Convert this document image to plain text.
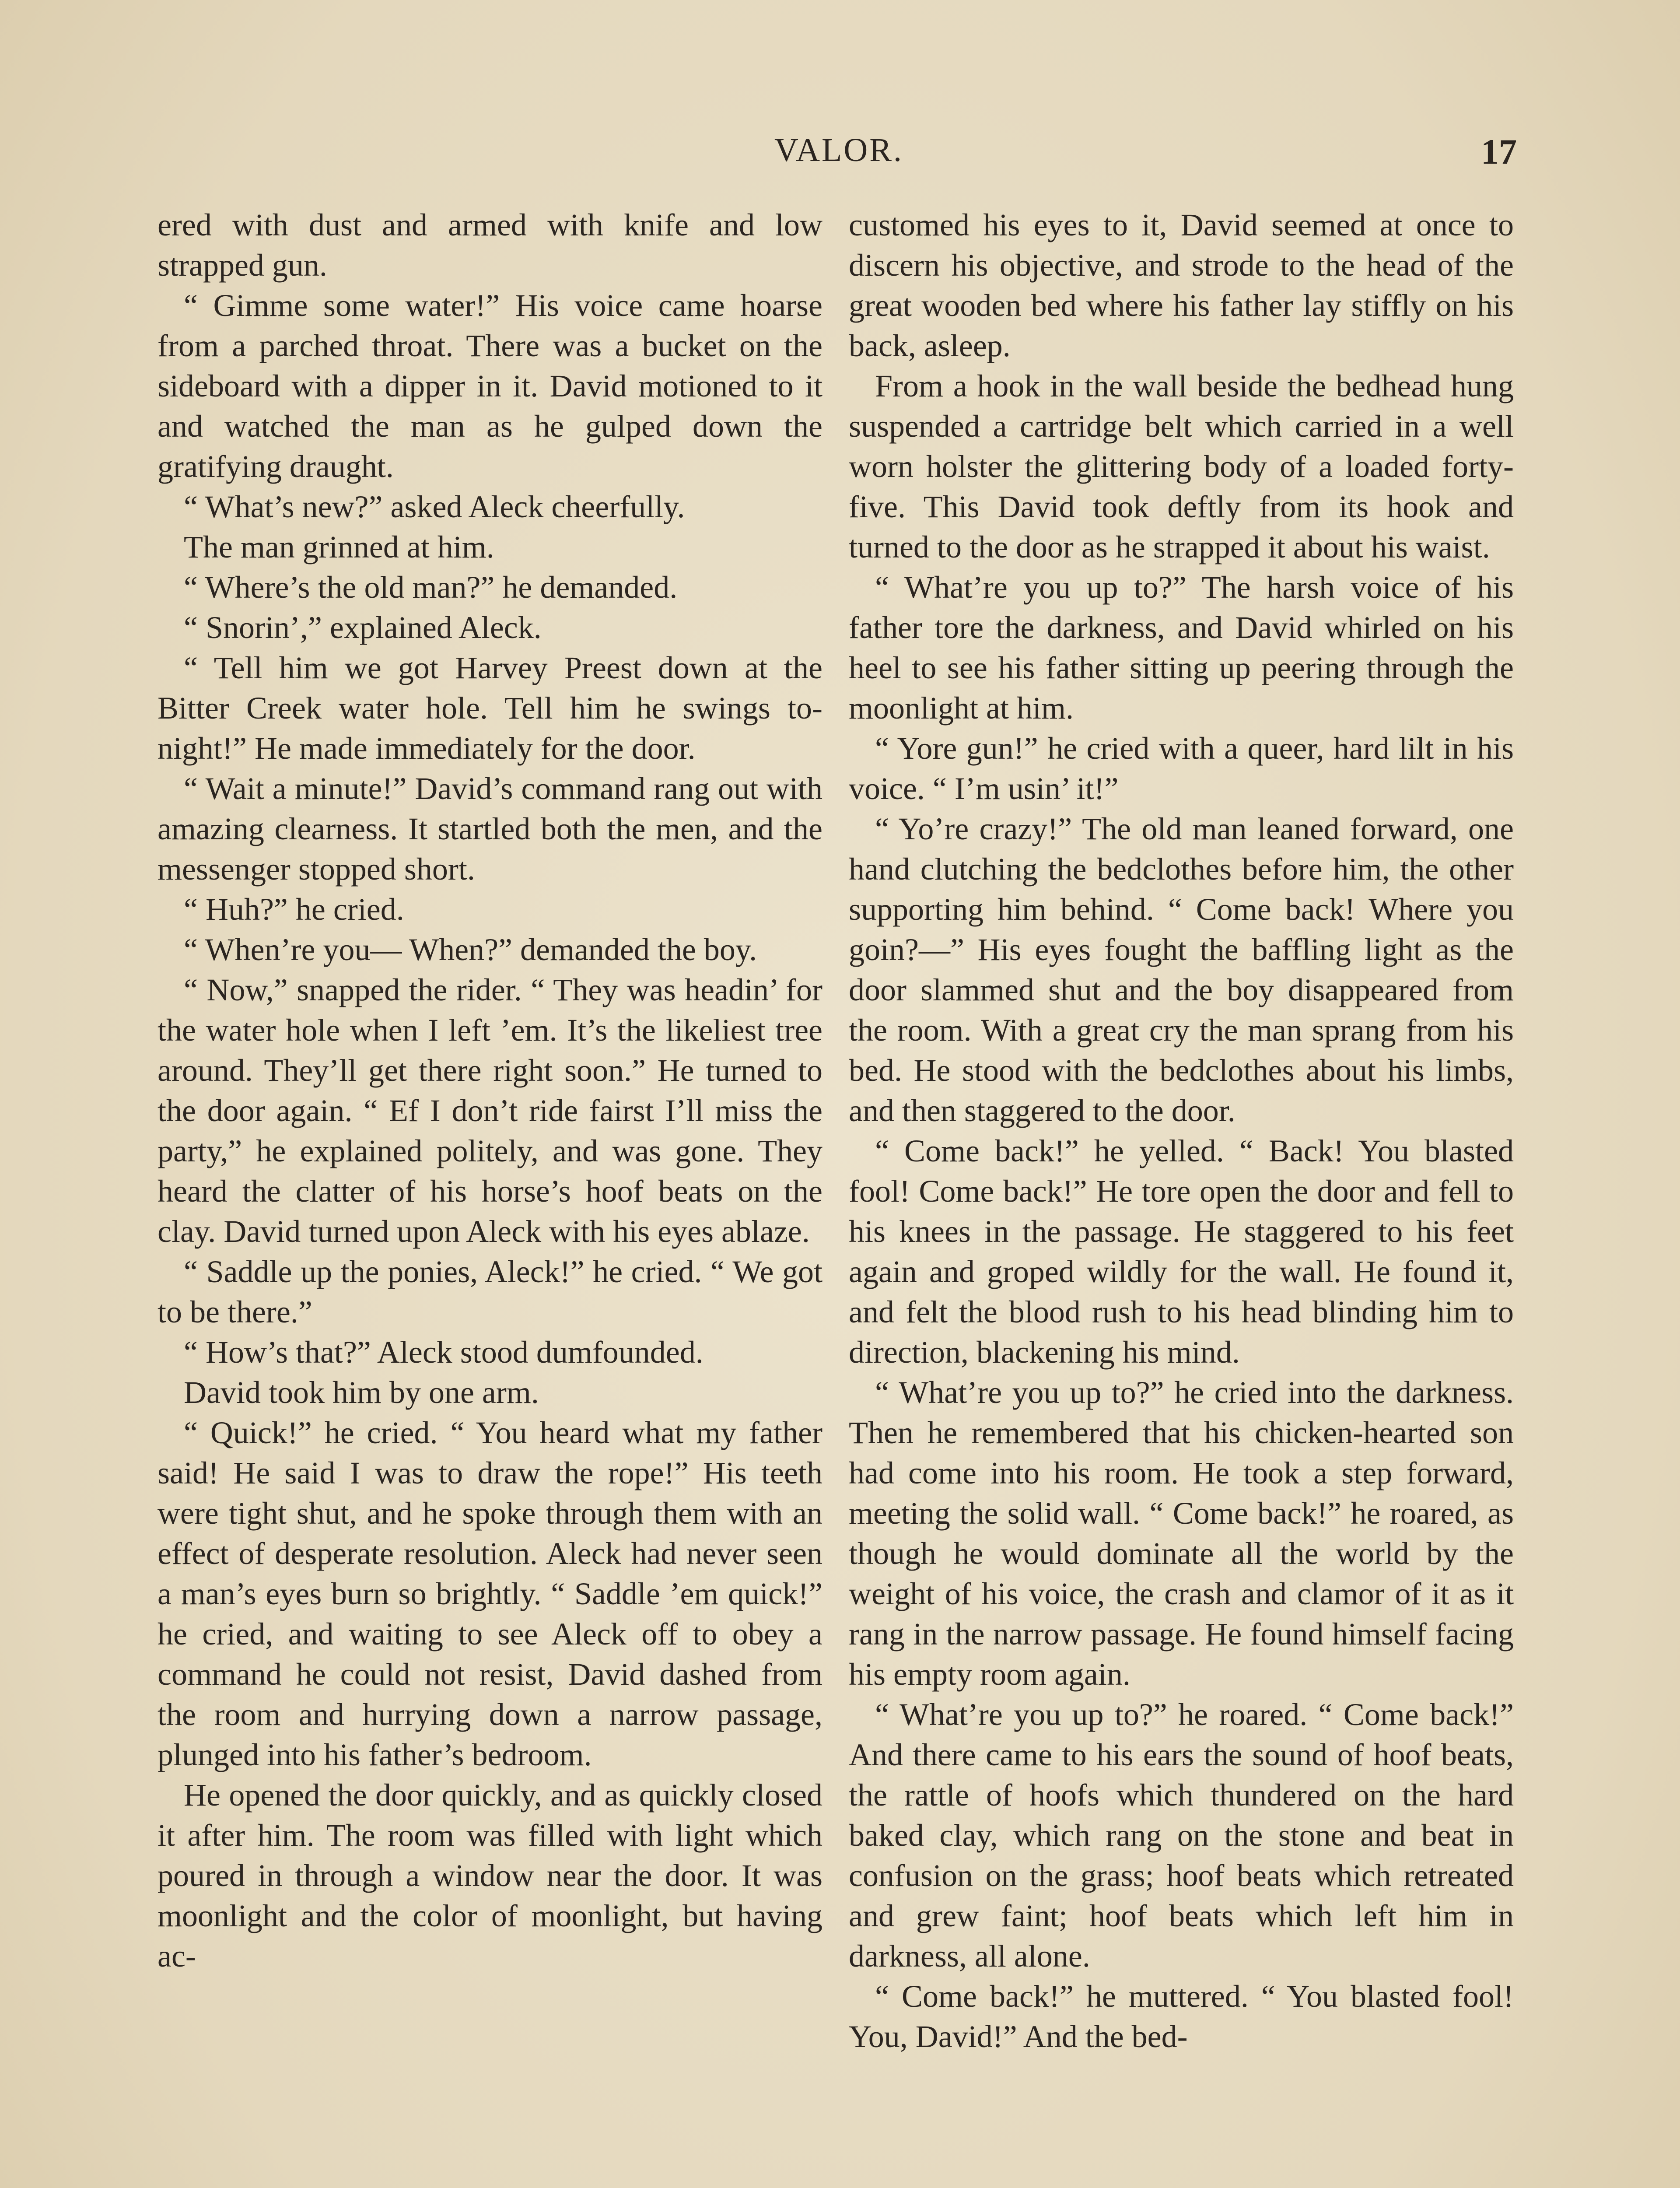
VALOR.	17

ered with dust and armed with knife and low strapped gun.

“ Gimme some water!” His voice came hoarse from a parched throat. There was a bucket on the sideboard with a dipper in it. David motioned to it and watched the man as he gulped down the gratifying draught.

“ What’s new?” asked Aleck cheerfully.

The man grinned at him.

“ Where’s the old man?” he demanded.

“ Snorin’,” explained Aleck.

“ Tell him we got Harvey Preest down at the Bitter Creek water hole. Tell him he swings to-night!” He made immediately for the door.

“ Wait a minute!” David’s command rang out with amazing clearness. It startled both the men, and the messenger stopped short.

“ Huh?” he cried.

“ When’re you— When?” demanded the boy.

“ Now,” snapped the rider. “ They was headin’ for the water hole when I left ’em. It’s the likeliest tree around. They’ll get there right soon.” He turned to the door again. “ Ef I don’t ride fairst I’ll miss the party,” he explained politely, and was gone. They heard the clatter of his horse’s hoof beats on the clay. David turned upon Aleck with his eyes ablaze.

“ Saddle up the ponies, Aleck!” he cried. “ We got to be there.”

“ How’s that?” Aleck stood dumfounded.

David took him by one arm.

“ Quick!” he cried. “ You heard what my father said! He said I was to draw the rope!” His teeth were tight shut, and he spoke through them with an effect of desperate resolution. Aleck had never seen a man’s eyes burn so brightly. “ Saddle ’em quick!” he cried, and waiting to see Aleck off to obey a command he could not resist, David dashed from the room and hurrying down a narrow passage, plunged into his father’s bedroom.

He opened the door quickly, and as quickly closed it after him. The room was filled with light which poured in through a window near the door. It was moonlight and the color of moonlight, but having ac-

customed his eyes to it, David seemed at once to discern his objective, and strode to the head of the great wooden bed where his father lay stiffly on his back, asleep.

From a hook in the wall beside the bedhead hung suspended a cartridge belt which carried in a well worn holster the glittering body of a loaded forty-five. This David took deftly from its hook and turned to the door as he strapped it about his waist.

“ What’re you up to?” The harsh voice of his father tore the darkness, and David whirled on his heel to see his father sitting up peering through the moonlight at him.

“ Yore gun!” he cried with a queer, hard lilt in his voice. “ I’m usin’ it!”

“ Yo’re crazy!” The old man leaned forward, one hand clutching the bedclothes before him, the other supporting him behind. “ Come back! Where you goin?—” His eyes fought the baffling light as the door slammed shut and the boy disappeared from the room. With a great cry the man sprang from his bed. He stood with the bedclothes about his limbs, and then staggered to the door.

“ Come back!” he yelled. “ Back! You blasted fool! Come back!” He tore open the door and fell to his knees in the passage. He staggered to his feet again and groped wildly for the wall. He found it, and felt the blood rush to his head blinding him to direction, blackening his mind.

“ What’re you up to?” he cried into the darkness. Then he remembered that his chicken-hearted son had come into his room. He took a step forward, meeting the solid wall. “ Come back!” he roared, as though he would dominate all the world by the weight of his voice, the crash and clamor of it as it rang in the narrow passage. He found himself facing his empty room again.

“ What’re you up to?” he roared. “ Come back!” And there came to his ears the sound of hoof beats, the rattle of hoofs which thundered on the hard baked clay, which rang on the stone and beat in confusion on the grass; hoof beats which retreated and grew faint; hoof beats which left him in darkness, all alone.

“ Come back!” he muttered. “ You blasted fool! You, David!” And the bed-
